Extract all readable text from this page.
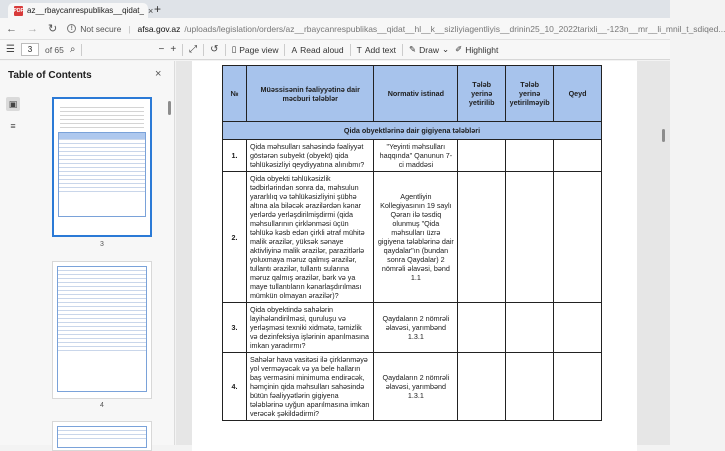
PDF az__rbaycanrespublikas__qidat_ × +
← → ↻	! Not secure | afsa.gov.az /uploads/legislation/orders/az__rbaycanrespublikas__qidat__hl__k__sizliyiagentliyis__drinin25_10_2022tarixli__-123n__mr__li_mnil_t_sdiqed...
☰	3	of 65 ⌕	− + ⤢ ↺ ▯ Page view A Read aloud T Add text ✎ Draw ⌄ ✐ Highlight
Table of Contents	×
▣
≡
3
4
№	Müəssisənin fəaliyyətinə dair məcburi tələblər	Normativ istinad	Tələb yerinə yetirilib	Tələb yerinə yetirilməyib	Qeyd
Qida obyektlərinə dair gigiyena tələbləri					
1.	Qida məhsulları sahəsində fəaliyyət göstərən subyekt (obyekt) qida təhlükəsizliyi qeydiyyatına alınıbmı?	"Yeyinti məhsulları haqqında" Qanunun 7-ci maddəsi			
2.	Qida obyekti təhlükəsizlik tədbirlərindən sonra da, məhsulun yararlılıq və təhlükəsizliyini şübhə altına ala biləcək ərazilərdən kənar yerlərdə yerləşdirilmişdirmi (qida məhsullarının çirklənməsi üçün təhlükə kəsb edən çirkli ətraf mühitə malik ərazilər, yüksək sənaye aktivliyinə malik ərazilər, parazitlərlə yoluxmaya məruz qalmış ərazilər, tullantı ərazilər, tullantı sularına məruz qalmış ərazilər, bərk və ya maye tullantıların kənarlaşdırılması mümkün olmayan ərazilər)?	Agentliyin Kollegiyasının 19 saylı Qərarı ilə təsdiq olunmuş "Qida məhsulları üzrə gigiyena tələblərinə dair qaydalar"ın (bundan sonra Qaydalar) 2 nömrəli əlavəsi, bənd 1.1			
3.	Qida obyektində sahələrin layihələndirilməsi, quruluşu və yerləşməsi texniki xidmətə, təmizlik və dezinfeksiya işlərinin aparılmasına imkan yaradırmı?	Qaydaların 2 nömrəli əlavəsi, yarımbənd 1.3.1			
4.	Sahələr hava vasitəsi ilə çirklənməyə yol verməyəcək və ya bele halların baş verməsini minimuma endirəcək, həmçinin qida məhsulları sahəsində bütün fəaliyyətlərin gigiyena tələblərinə uyğun aparılmasına imkan verəcək şəkildədirmi?	Qaydaların 2 nömrəli əlavəsi, yarımbənd 1.3.1			
